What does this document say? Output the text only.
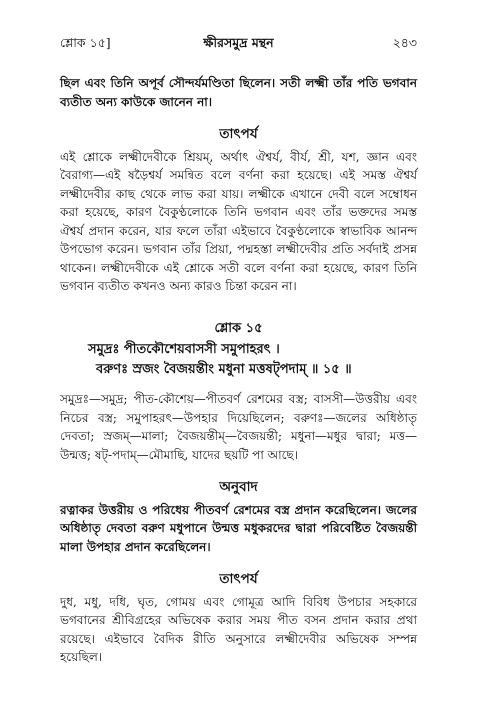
শ্লোক ১৫]	ক্ষীরসমুদ্র মন্থন	২৪৩

ছিল এবং তিনি অপূর্ব সৌন্দর্যমণ্ডিতা ছিলেন। সতী লক্ষ্মী তাঁর পতি ভগবান ব্যতীত অন্য কাউকে জানেন না।

তাৎপর্য

এই শ্লোকে লক্ষ্মীদেবীকে শ্রিয়ম্, অর্থাৎ ঐশ্বর্য, বীর্য, শ্রী, যশ, জ্ঞান এবং বৈরাগ্য—এই ষড়ৈশ্বর্য সমন্বিত বলে বর্ণনা করা হয়েছে। এই সমস্ত ঐশ্বর্য লক্ষ্মীদেবীর কাছ থেকে লাভ করা যায়। লক্ষ্মীকে এখানে দেবী বলে সম্বোধন করা হয়েছে, কারণ বৈকুণ্ঠলোকে তিনি ভগবান এবং তাঁর ভক্তদের সমস্ত ঐশ্বর্য প্রদান করেন, যার ফলে তাঁরা এইভাবে বৈকুণ্ঠলোকে স্বাভাবিক আনন্দ উপভোগ করেন। ভগবান তাঁর প্রিয়া, পদ্মহস্তা লক্ষ্মীদেবীর প্রতি সর্বদাই প্রসন্ন থাকেন। লক্ষ্মীদেবীকে এই শ্লোকে সতী বলে বর্ণনা করা হয়েছে, কারণ তিনি ভগবান ব্যতীত কখনও অন্য কারও চিন্তা করেন না।

শ্লোক ১৫
সমুদ্রঃ পীতকৌশেয়বাসসী সমুপাহরৎ ।
বরুণঃ স্রজং বৈজয়ন্তীং মধুনা মত্তষট্পদাম্ ॥ ১৫ ॥

সমুদ্রঃ—সমুদ্র; পীত-কৌশেয়—পীতবর্ণ রেশমের বস্ত্র; বাসসী—উত্তরীয় এবং নিচের বস্ত্র; সমুপাহরৎ—উপহার দিয়েছিলেন; বরুণঃ—জলের অধিষ্ঠাতৃ দেবতা; স্রজম্—মালা; বৈজয়ন্তীম্—বৈজয়ন্তী; মধুনা—মধুর দ্বারা; মত্ত—উন্মত্ত; ষট্-পদাম্—মৌমাছি, যাদের ছয়টি পা আছে।

অনুবাদ

রত্নাকর উত্তরীয় ও পরিধেয় পীতবর্ণ রেশমের বস্ত্র প্রদান করেছিলেন। জলের অধিষ্ঠাতৃ দেবতা বরুণ মধুপানে উন্মত্ত মধুকরদের দ্বারা পরিবেষ্টিত বৈজয়ন্তী মালা উপহার প্রদান করেছিলেন।

তাৎপর্য

দুধ, মধু, দধি, ঘৃত, গোময় এবং গোমূত্র আদি বিবিধ উপচার সহকারে ভগবানের শ্রীবিগ্রহের অভিষেক করার সময় পীত বসন প্রদান করার প্রথা রয়েছে। এইভাবে বৈদিক রীতি অনুসারে লক্ষ্মীদেবীর অভিষেক সম্পন্ন হয়েছিল।
